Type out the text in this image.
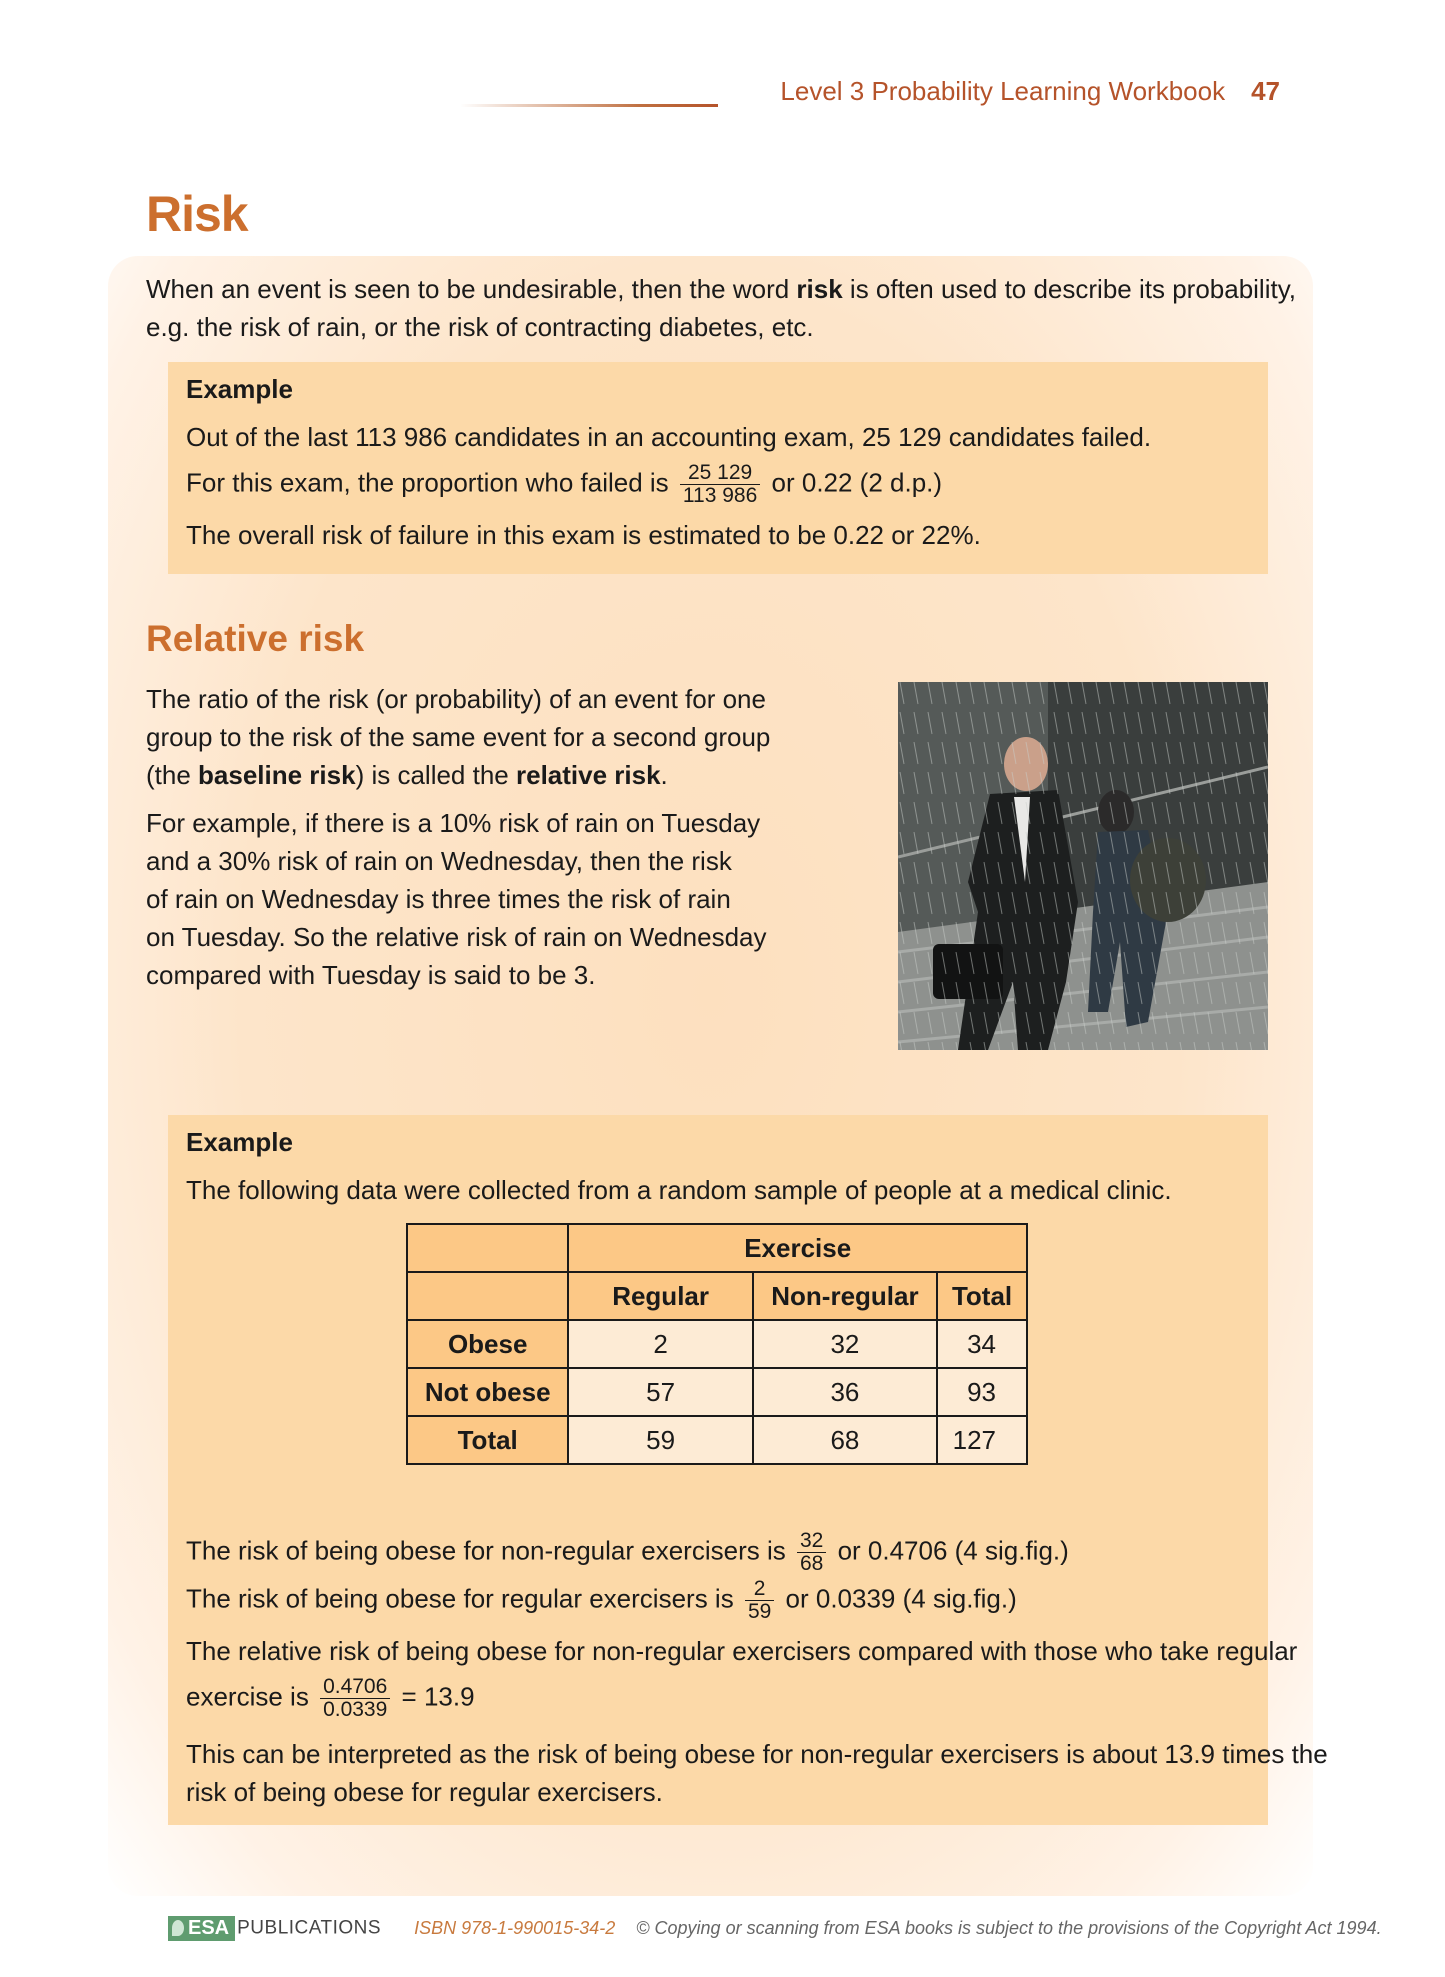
Level 3 Probability Learning Workbook 47
Risk
When an event is seen to be undesirable, then the word risk is often used to describe its probability,
e.g. the risk of rain, or the risk of contracting diabetes, etc.
Example
Out of the last 113 986 candidates in an accounting exam, 25 129 candidates failed.
For this exam, the proportion who failed is $\frac{25 129}{113 986}$ or 0.22 (2 d.p.)
The overall risk of failure in this exam is estimated to be 0.22 or 22%.
Relative risk
The ratio of the risk (or probability) of an event for one
group to the risk of the same event for a second group
(the baseline risk) is called the relative risk.
For example, if there is a 10% risk of rain on Tuesday
and a 30% risk of rain on Wednesday, then the risk
of rain on Wednesday is three times the risk of rain
on Tuesday. So the relative risk of rain on Wednesday
compared with Tuesday is said to be 3.
Example
The following data were collected from a random sample of people at a medical clinic.
	Exercise		
	Regular	Non-regular	Total
Obese	2	32	34
Not obese	57	36	93
Total	59	68	127
The risk of being obese for non-regular exercisers is $\frac{32}{68}$ or 0.4706 (4 sig.fig.)
The risk of being obese for regular exercisers is $\frac{2}{59}$ or 0.0339 (4 sig.fig.)
The relative risk of being obese for non-regular exercisers compared with those who take regular
exercise is $\frac{0.4706}{0.0339} = 13.9$
This can be interpreted as the risk of being obese for non-regular exercisers is about 13.9 times the
risk of being obese for regular exercisers.
ESA PUBLICATIONS ISBN 978-1-990015-34-2 © Copying or scanning from ESA books is subject to the provisions of the Copyright Act 1994.
